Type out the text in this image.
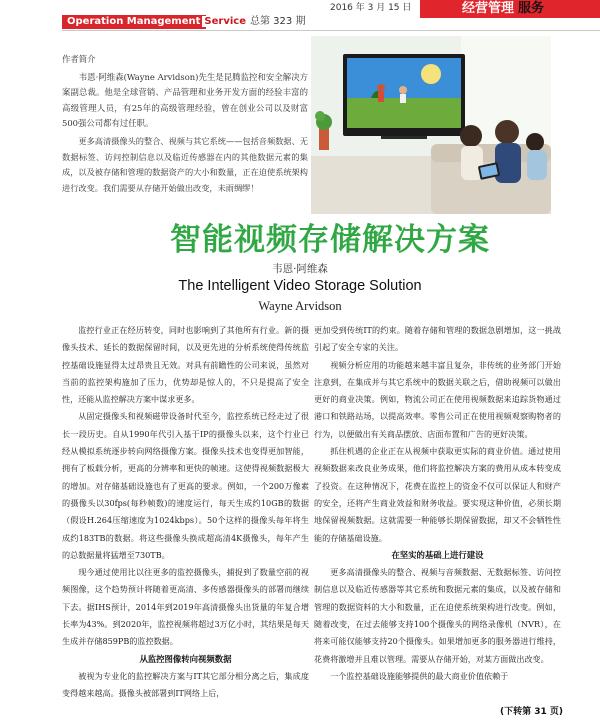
Operation Management Service 总第 323 期
2016 年 3 月 15 日	经营管理 服务

作者简介

韦恩·阿维森(Wayne Arvidson)先生是昆腾监控和安全解决方案副总裁。他是全球营销、产品管理和业务开发方面的经验丰富的高级管理人员，有25年的高级管理经验，曾在创业公司以及财富500强公司都有过任职。

更多高清摄像头的整合、视频与其它系统——包括音频数据、无数据标签、访问控制信息以及临近传感器在内的其他数据元素的集成，以及被存储和管理的数据资产的大小和数量，正在迫使系统架构进行改变。我们需要从存储开始做出改变，未雨绸缪！

智能视频存储解决方案
韦恩·阿维森
The Intelligent Video Storage Solution
Wayne Arvidson

监控行业正在经历转变，同时也影响到了其他所有行业。新的摄像头技术、延长的数据保留时间，以及更先进的分析系统使得传统监控基础设施显得太过昂贵且无效。对具有前瞻性的公司来说，虽然对当前的监控架构施加了压力，优势却是惊人的，不只是提高了安全性，还能从监控解决方案中谋求更多。

从固定摄像头和视频磁带设备时代至今，监控系统已经走过了很长一段历史。自从1990年代引入基于IP的摄像头以来，这个行业已经从模拟系统逐步转向网络摄像方案。摄像头技术也变得更加智能，拥有了板载分析，更高的分辨率和更快的帧速。这使得视频数据极大的增加。对存储基础设施也有了更高的要求。例如，一个200万像素的摄像头以30fps(每秒帧数)的速度运行，每天生成约10GB的数据（假设H.264压缩速度为1024kbps）。50个这样的摄像头每年将生成约183TB的数据。将这些摄像头换成超高清4K摄像头，每年产生的总数据量将猛增至730TB。

现今通过使用比以往更多的监控摄像头，捕捉到了数量空前的视频图像，这个趋势预计将随着更高清、多传感器摄像头的部署而继续下去。据IHS预计，2014年到2019年高清摄像头出货量的年复合增长率为43%。到2020年，监控视频将超过3万亿小时，其结果是每天生成并存储859PB的监控数据。

从监控图像转向视频数据

被视为专业化的监控解决方案与IT其它部分相分离之后，集成度变得越来越高。摄像头被部署到IT网络上后，

更加受到传统IT的约束。随着存储和管理的数据急剧增加，这一挑战引起了安全专家的关注。

视频分析应用的功能越来越丰富且复杂，非传统的业务部门开始注意到，在集成并与其它系统中的数据关联之后，借助视频可以做出更好的商业决策。例如，物流公司正在使用视频数据来追踪货物通过港口和铁路站场，以提高效率。零售公司正在使用视频观察购物者的行为，以便做出有关商品摆放、店面布置和广告的更好决策。

抓住机遇的企业正在从视频中获取更实际的商业价值。通过使用视频数据来改良业务成果，他们将监控解决方案的费用从成本转变成了投资。在这种情况下，花费在监控上的资金不仅可以保证人和财产的安全，还将产生商业效益和财务收益。要实现这种价值，必须长期地保留视频数据。这就需要一种能够长期保留数据，却又不会牺牲性能的存储基础设施。

在坚实的基础上进行建设

更多高清摄像头的整合、视频与音频数据、无数据标签、访问控制信息以及临近传感器等其它系统和数据元素的集成，以及被存储和管理的数据资料的大小和数量，正在迫使系统架构进行改变。例如，随着改变，在过去能够支持100个摄像头的网络录像机（NVR），在将来可能仅能够支持20个摄像头。如果增加更多的服务器进行维持，花费将激增并且难以管理。需要从存储开始，对某方面做出改变。

一个监控基础设施能够提供的最大商业价值依赖于

(下转第 31 页)
